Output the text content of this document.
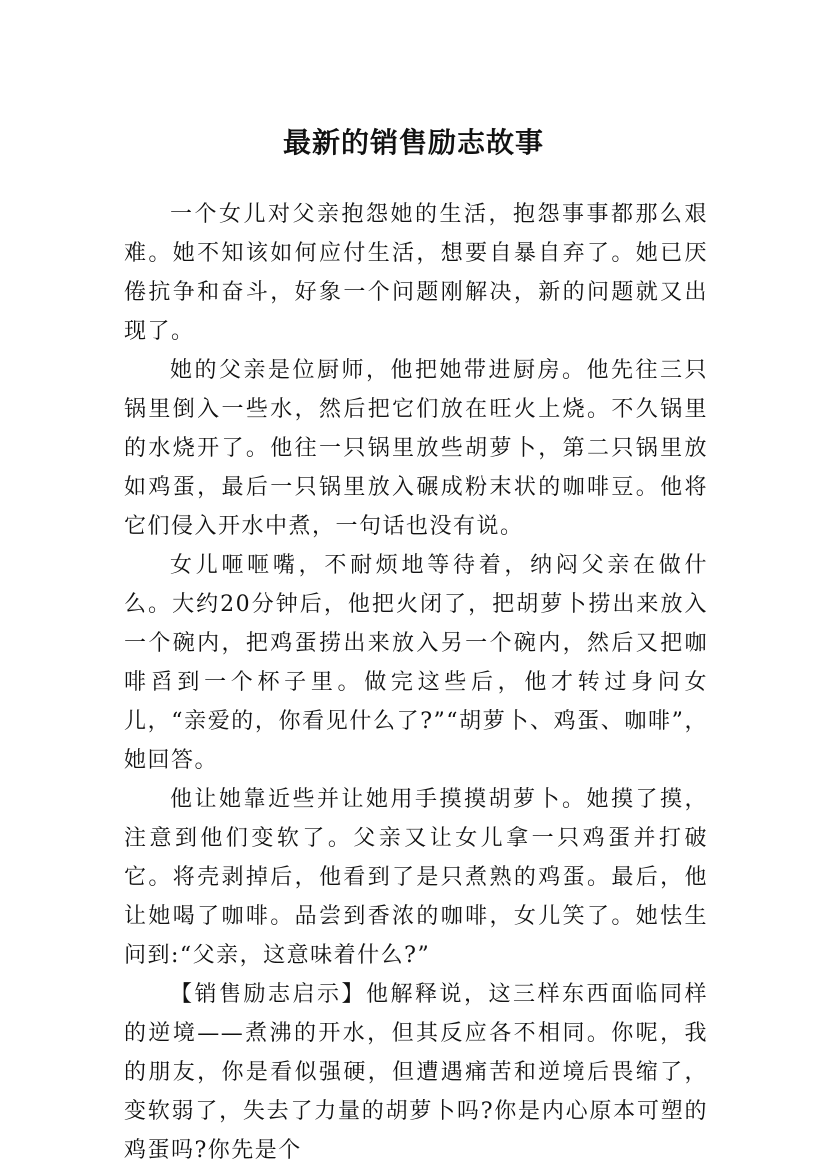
最新的销售励志故事

一个女儿对父亲抱怨她的生活，抱怨事事都那么艰难。她不知该如何应付生活，想要自暴自弃了。她已厌倦抗争和奋斗，好象一个问题刚解决，新的问题就又出现了。

她的父亲是位厨师，他把她带进厨房。他先往三只锅里倒入一些水，然后把它们放在旺火上烧。不久锅里的水烧开了。他往一只锅里放些胡萝卜，第二只锅里放如鸡蛋，最后一只锅里放入碾成粉末状的咖啡豆。他将它们侵入开水中煮，一句话也没有说。

女儿咂咂嘴，不耐烦地等待着，纳闷父亲在做什么。大约20分钟后，他把火闭了，把胡萝卜捞出来放入一个碗内，把鸡蛋捞出来放入另一个碗内，然后又把咖啡舀到一个杯子里。做完这些后，他才转过身问女儿，“亲爱的，你看见什么了?”“胡萝卜、鸡蛋、咖啡”，她回答。

他让她靠近些并让她用手摸摸胡萝卜。她摸了摸，注意到他们变软了。父亲又让女儿拿一只鸡蛋并打破它。将壳剥掉后，他看到了是只煮熟的鸡蛋。最后，他让她喝了咖啡。品尝到香浓的咖啡，女儿笑了。她怯生问到:“父亲，这意味着什么?”

【销售励志启示】他解释说，这三样东西面临同样的逆境——煮沸的开水，但其反应各不相同。你呢，我的朋友，你是看似强硬，但遭遇痛苦和逆境后畏缩了，变软弱了，失去了力量的胡萝卜吗?你是内心原本可塑的鸡蛋吗?你先是个
